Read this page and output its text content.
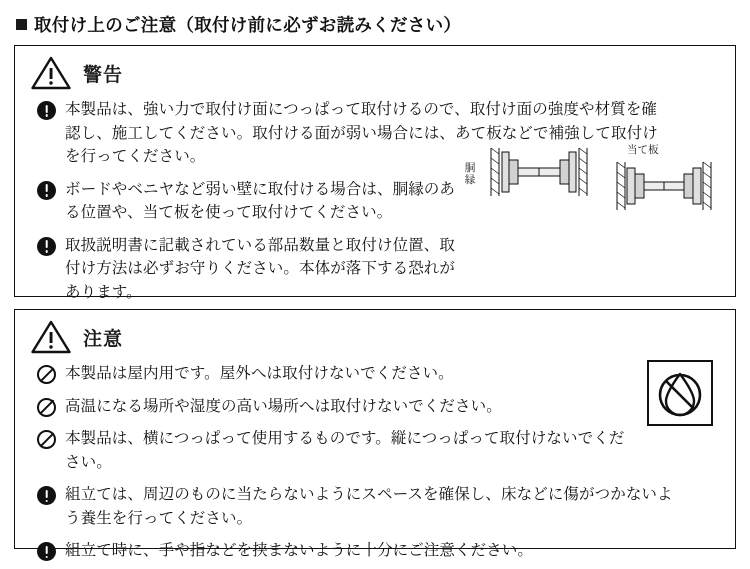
取付け上のご注意（取付け前に必ずお読みください）
警告
本製品は、強い力で取付け面につっぱって取付けるので、取付け面の強度や材質を確認し、施工してください。取付ける面が弱い場合には、あて板などで補強して取付けを行ってください。
ボードやベニヤなど弱い壁に取付ける場合は、胴縁のある位置や、当て板を使って取付けてください。
取扱説明書に記載されている部品数量と取付け位置、取付け方法は必ずお守りください。本体が落下する恐れがあります。
胴縁
当て板
注意
本製品は屋内用です。屋外へは取付けないでください。
高温になる場所や湿度の高い場所へは取付けないでください。
本製品は、横につっぱって使用するものです。縦につっぱって取付けないでください。
組立ては、周辺のものに当たらないようにスペースを確保し、床などに傷がつかないよう養生を行ってください。
組立て時に、手や指などを挟まないように十分にご注意ください。
